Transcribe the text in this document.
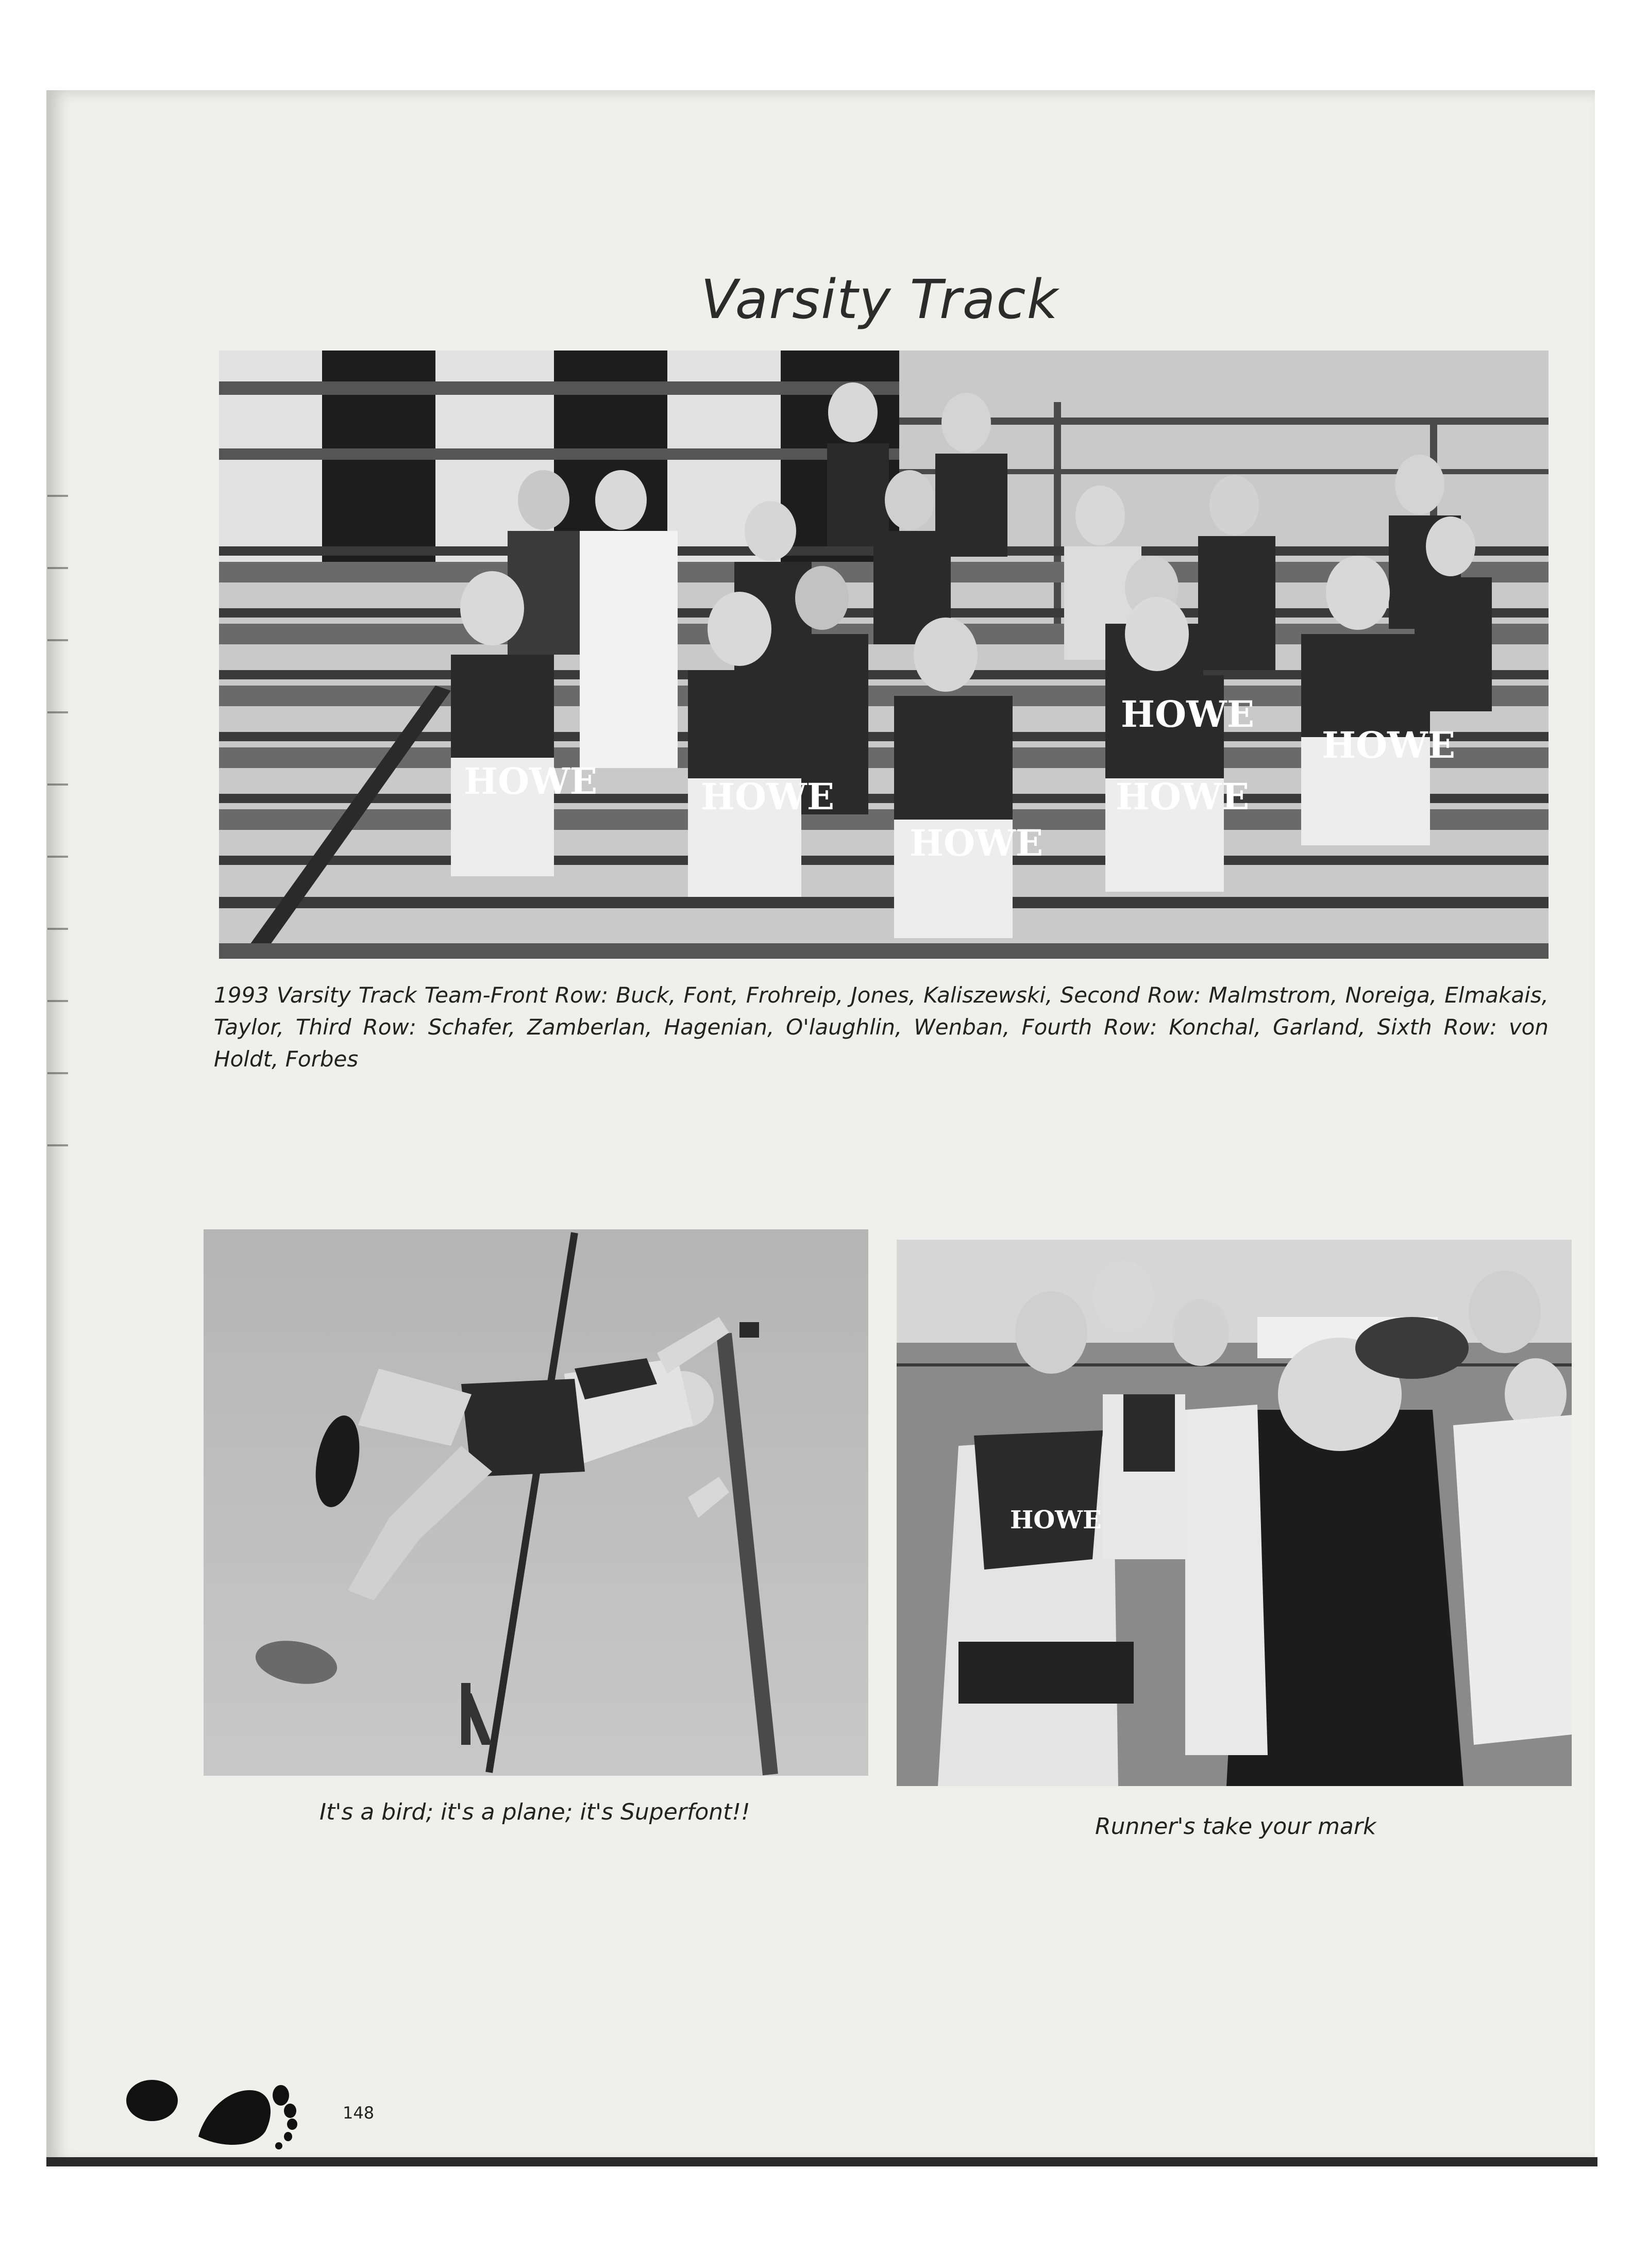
Varsity Track
HOWE	HOWE
HOWE
HOWE
HOWE
HOWE
1993 Varsity Track Team-Front Row: Buck, Font, Frohreip, Jones, Kaliszewski, Second Row: Malmstrom, Noreiga, Elmakais, Taylor, Third Row: Schafer, Zamberlan, Hagenian, O'laughlin, Wenban, Fourth Row: Konchal, Garland, Sixth Row: von Holdt, Forbes
It's a bird; it's a plane; it's Superfont!!
HOWE
Runner's take your mark
148
